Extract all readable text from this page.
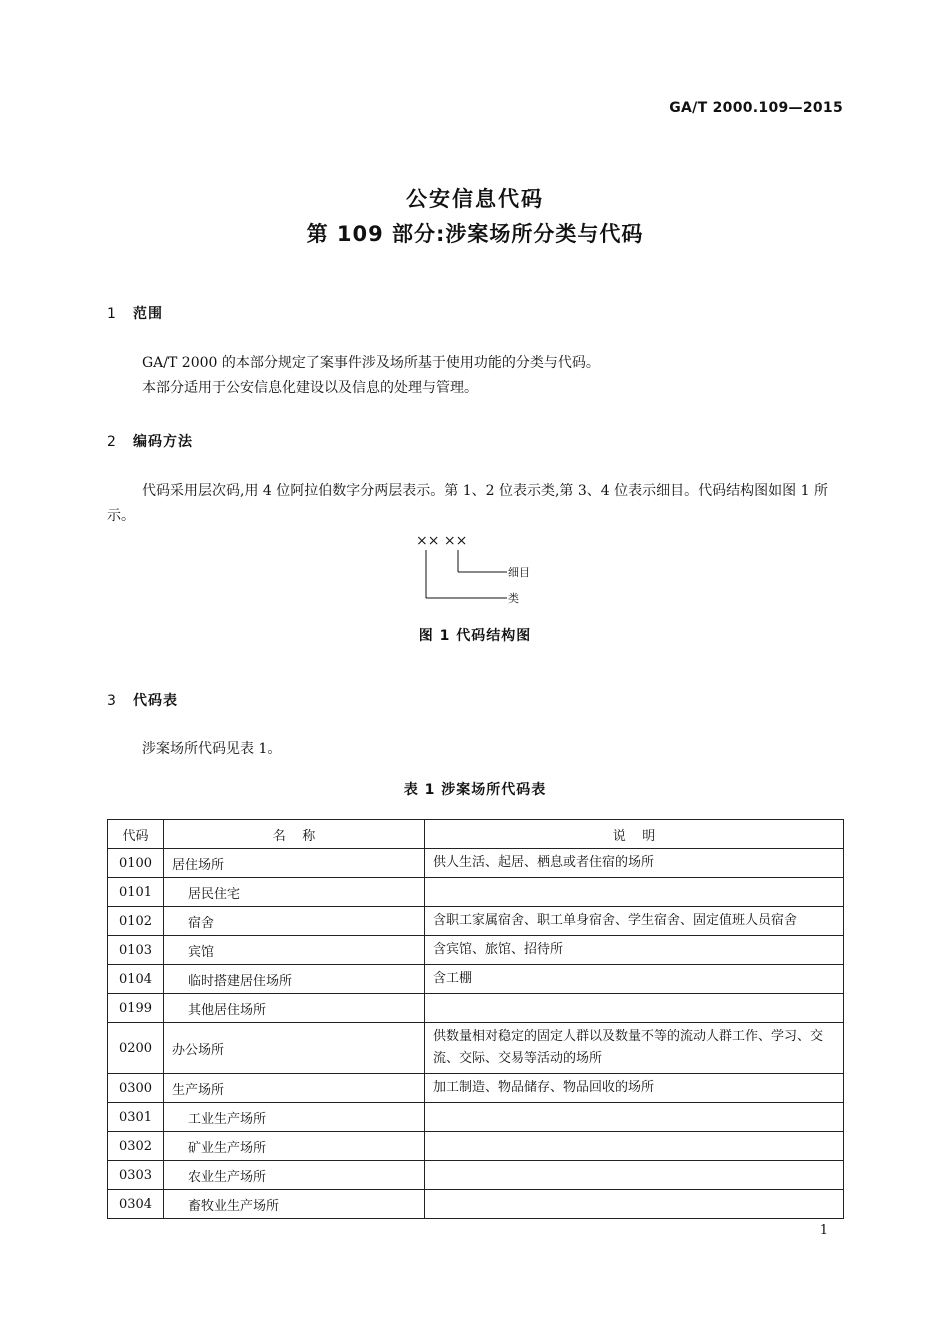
GA/T 2000.109—2015
公安信息代码
第 109 部分:涉案场所分类与代码
1 范围
GA/T 2000 的本部分规定了案事件涉及场所基于使用功能的分类与代码。
本部分适用于公安信息化建设以及信息的处理与管理。
2 编码方法
代码采用层次码,用 4 位阿拉伯数字分两层表示。第 1、2 位表示类,第 3、4 位表示细目。代码结构图如图 1 所示。
×× ××
细目
类
图 1 代码结构图
3 代码表
涉案场所代码见表 1。
表 1 涉案场所代码表
代码	名    称	说    明
0100	居住场所	供人生活、起居、栖息或者住宿的场所
0101	居民住宅	
0102	宿舍	含职工家属宿舍、职工单身宿舍、学生宿舍、固定值班人员宿舍
0103	宾馆	含宾馆、旅馆、招待所
0104	临时搭建居住场所	含工棚
0199	其他居住场所	
0200	办公场所	供数量相对稳定的固定人群以及数量不等的流动人群工作、学习、交流、交际、交易等活动的场所
0300	生产场所	加工制造、物品储存、物品回收的场所
0301	工业生产场所	
0302	矿业生产场所	
0303	农业生产场所	
0304	畜牧业生产场所	
1
